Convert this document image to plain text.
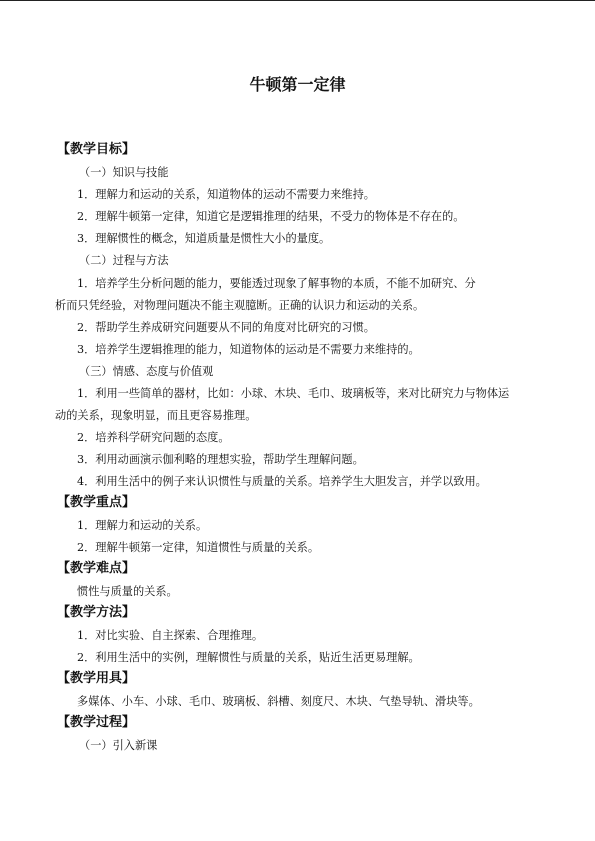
牛顿第一定律
【教学目标】
（一）知识与技能
1．理解力和运动的关系，知道物体的运动不需要力来维持。
2．理解牛顿第一定律，知道它是逻辑推理的结果，不受力的物体是不存在的。
3．理解惯性的概念，知道质量是惯性大小的量度。
（二）过程与方法
1．培养学生分析问题的能力，要能透过现象了解事物的本质，不能不加研究、分
析而只凭经验，对物理问题决不能主观臆断。正确的认识力和运动的关系。
2．帮助学生养成研究问题要从不同的角度对比研究的习惯。
3．培养学生逻辑推理的能力，知道物体的运动是不需要力来维持的。
（三）情感、态度与价值观
1．利用一些简单的器材，比如：小球、木块、毛巾、玻璃板等，来对比研究力与物体运
动的关系，现象明显，而且更容易推理。
2．培养科学研究问题的态度。
3．利用动画演示伽利略的理想实验，帮助学生理解问题。
4．利用生活中的例子来认识惯性与质量的关系。培养学生大胆发言，并学以致用。
【教学重点】
1．理解力和运动的关系。
2．理解牛顿第一定律，知道惯性与质量的关系。
【教学难点】
惯性与质量的关系。
【教学方法】
1．对比实验、自主探索、合理推理。
2．利用生活中的实例，理解惯性与质量的关系，贴近生活更易理解。
【教学用具】
多媒体、小车、小球、毛巾、玻璃板、斜槽、刻度尺、木块、气垫导轨、滑块等。
【教学过程】
（一）引入新课
